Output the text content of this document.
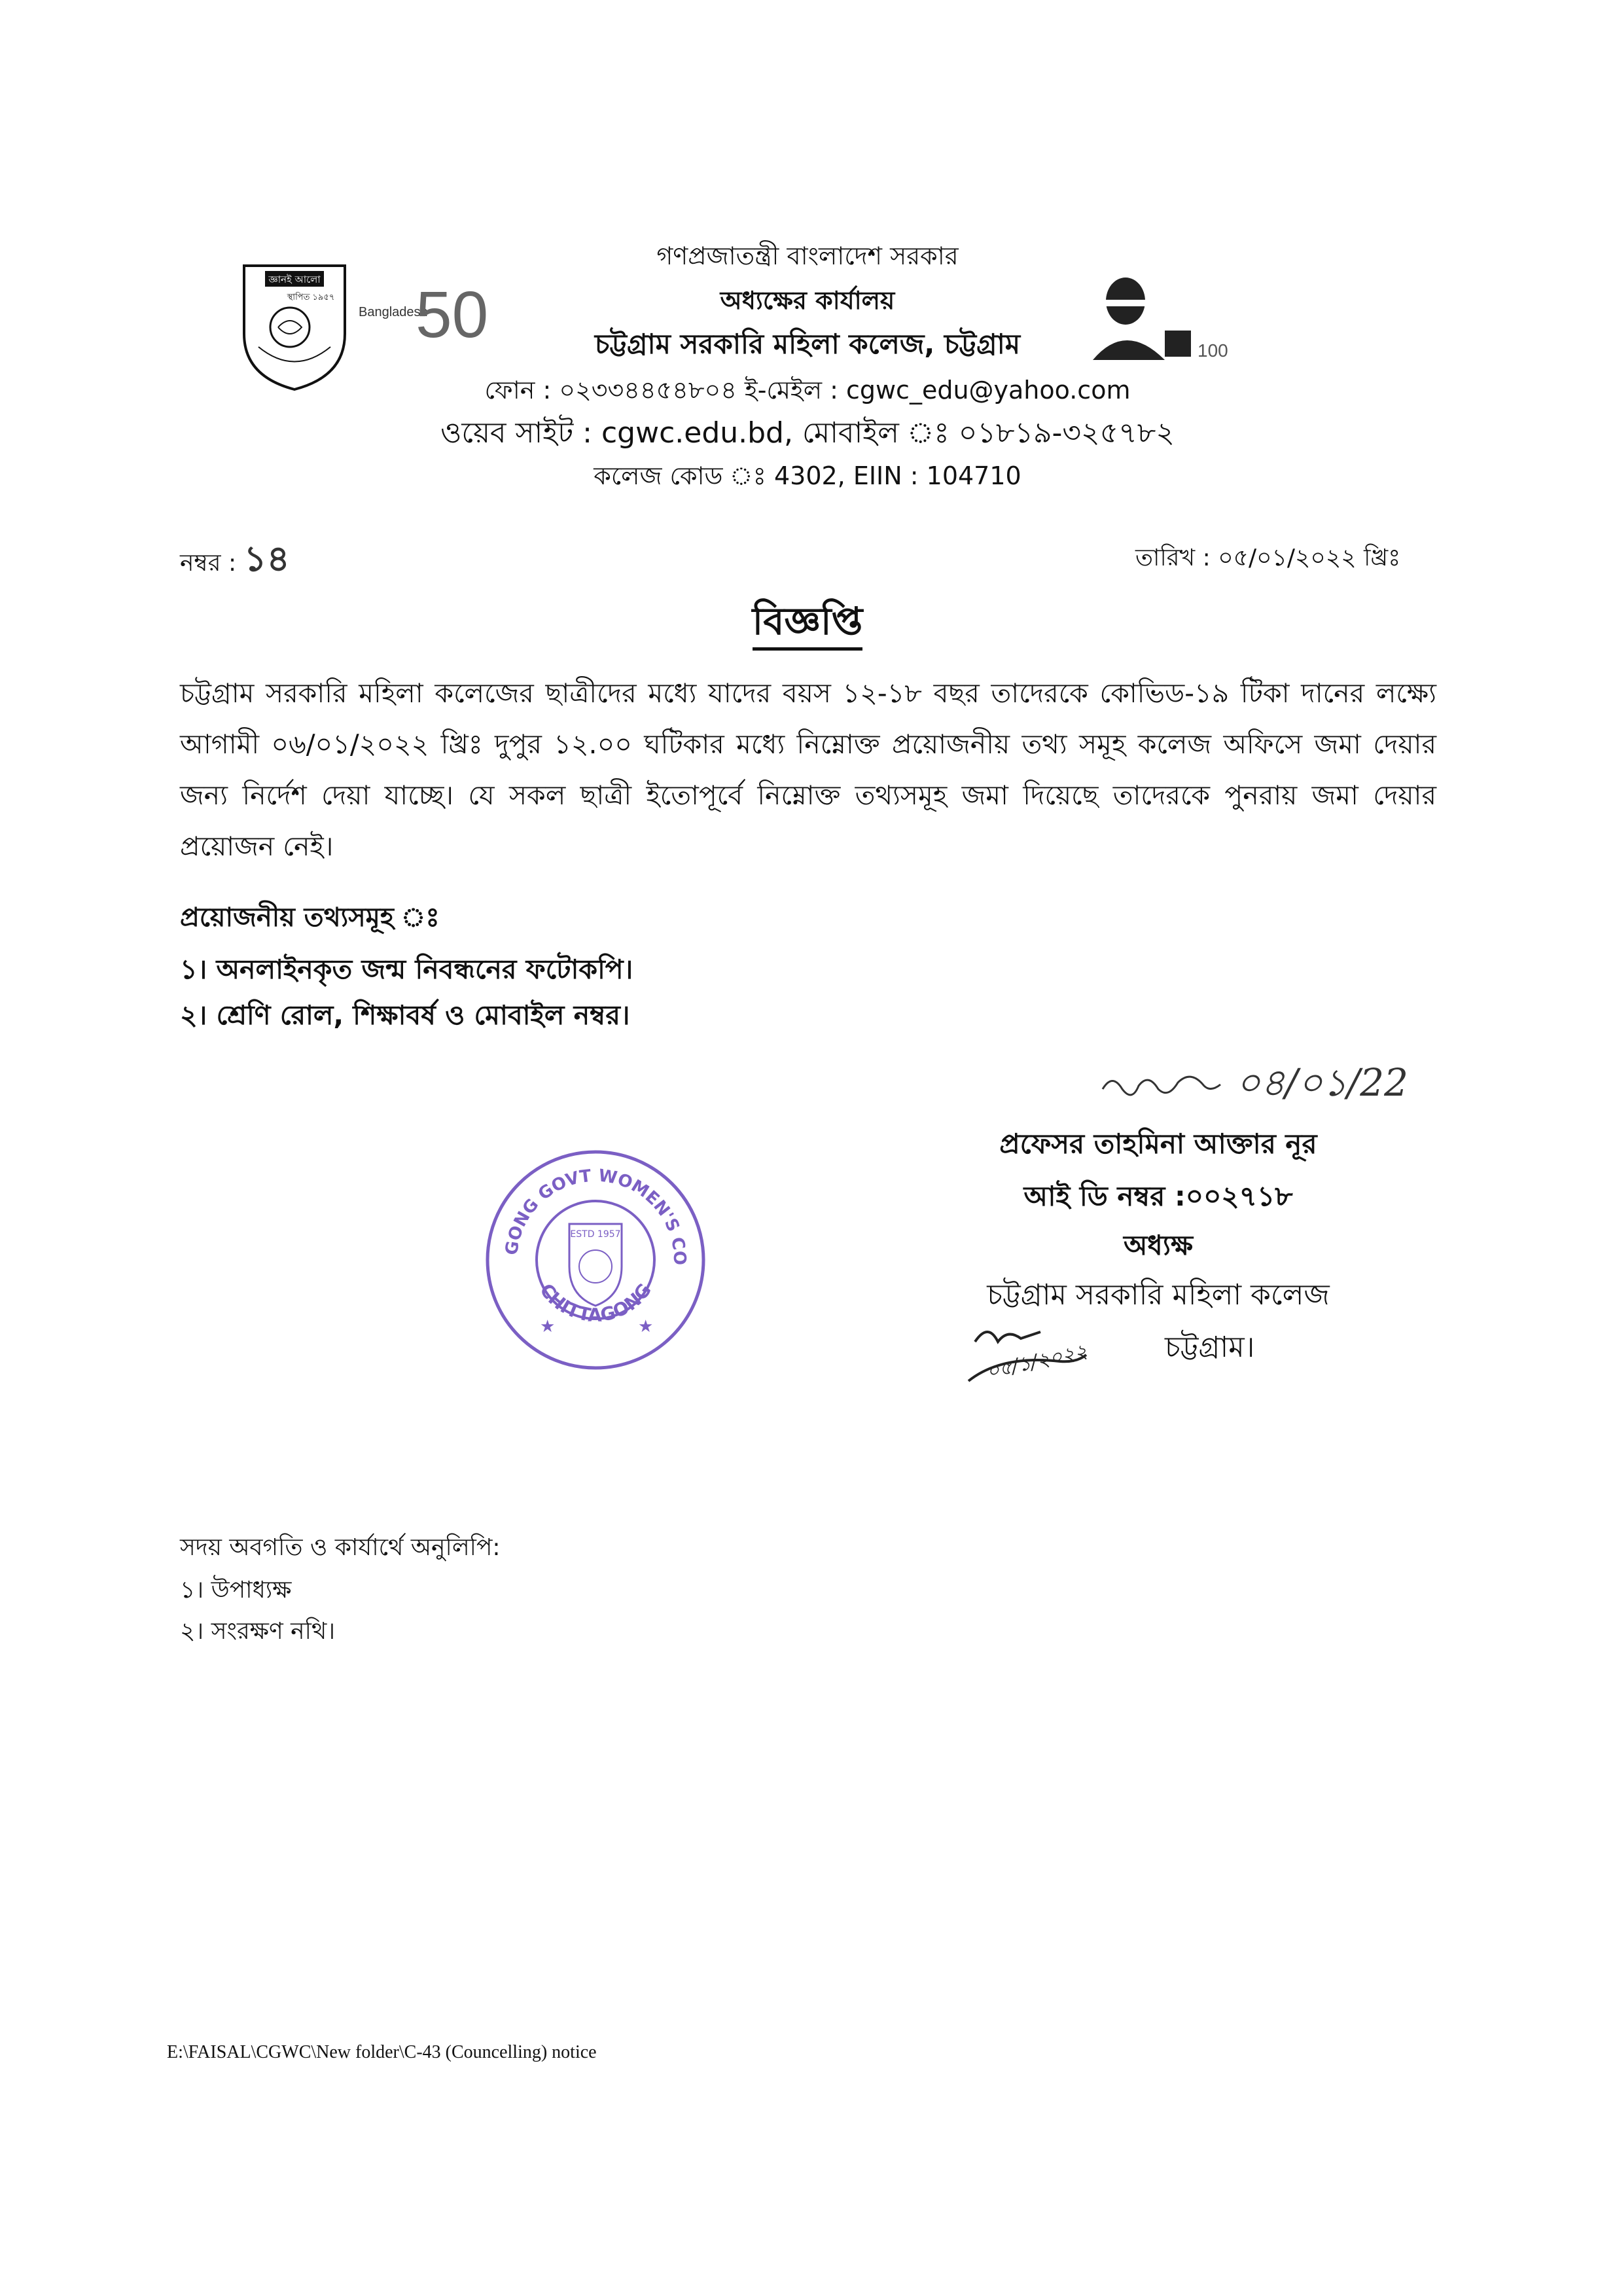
জ্ঞানই আলো
স্থাপিত ১৯৫৭
Bangladesh
50
গণপ্রজাতন্ত্রী বাংলাদেশ সরকার
অধ্যক্ষের কার্যালয়
চট্টগ্রাম সরকারি মহিলা কলেজ, চট্টগ্রাম
ফোন : ০২৩৩৪৪৫৪৮০৪ ই-মেইল : cgwc_edu@yahoo.com
ওয়েব সাইট : cgwc.edu.bd, মোবাইল ঃ ০১৮১৯-৩২৫৭৮২
কলেজ কোড ঃ 4302, EIIN : 104710
100
নম্বর : ১৪	তারিখ : ০৫/০১/২০২২ খ্রিঃ
বিজ্ঞপ্তি
চট্টগ্রাম সরকারি মহিলা কলেজের ছাত্রীদের মধ্যে যাদের বয়স ১২-১৮ বছর তাদেরকে কোভিড-১৯ টিকা দানের লক্ষ্যে আগামী ০৬/০১/২০২২ খ্রিঃ দুপুর ১২.০০ ঘটিকার মধ্যে নিম্নোক্ত প্রয়োজনীয় তথ্য সমূহ কলেজ অফিসে জমা দেয়ার জন্য নির্দেশ দেয়া যাচ্ছে। যে সকল ছাত্রী ইতোপূর্বে নিম্নোক্ত তথ্যসমূহ জমা দিয়েছে তাদেরকে পুনরায় জমা দেয়ার প্রয়োজন নেই।
প্রয়োজনীয় তথ্যসমূহ ঃ
১। অনলাইনকৃত জন্ম নিবন্ধনের ফটোকপি।
২। শ্রেণি রোল, শিক্ষাবর্ষ ও মোবাইল নম্বর।
০৪/০১/22
প্রফেসর তাহমিনা আক্তার নূর
আই ডি নম্বর :০০২৭১৮
অধ্যক্ষ
চট্টগ্রাম সরকারি মহিলা কলেজ
০৫/১/২০২২	চট্টগ্রাম।
GONG GOVT WOMEN'S CO
CHITTAGONG
ESTD 1957
★	★
সদয় অবগতি ও কার্যার্থে অনুলিপি:
১। উপাধ্যক্ষ
২। সংরক্ষণ নথি।
E:\FAISAL\CGWC\New folder\C-43 (Councelling) notice
